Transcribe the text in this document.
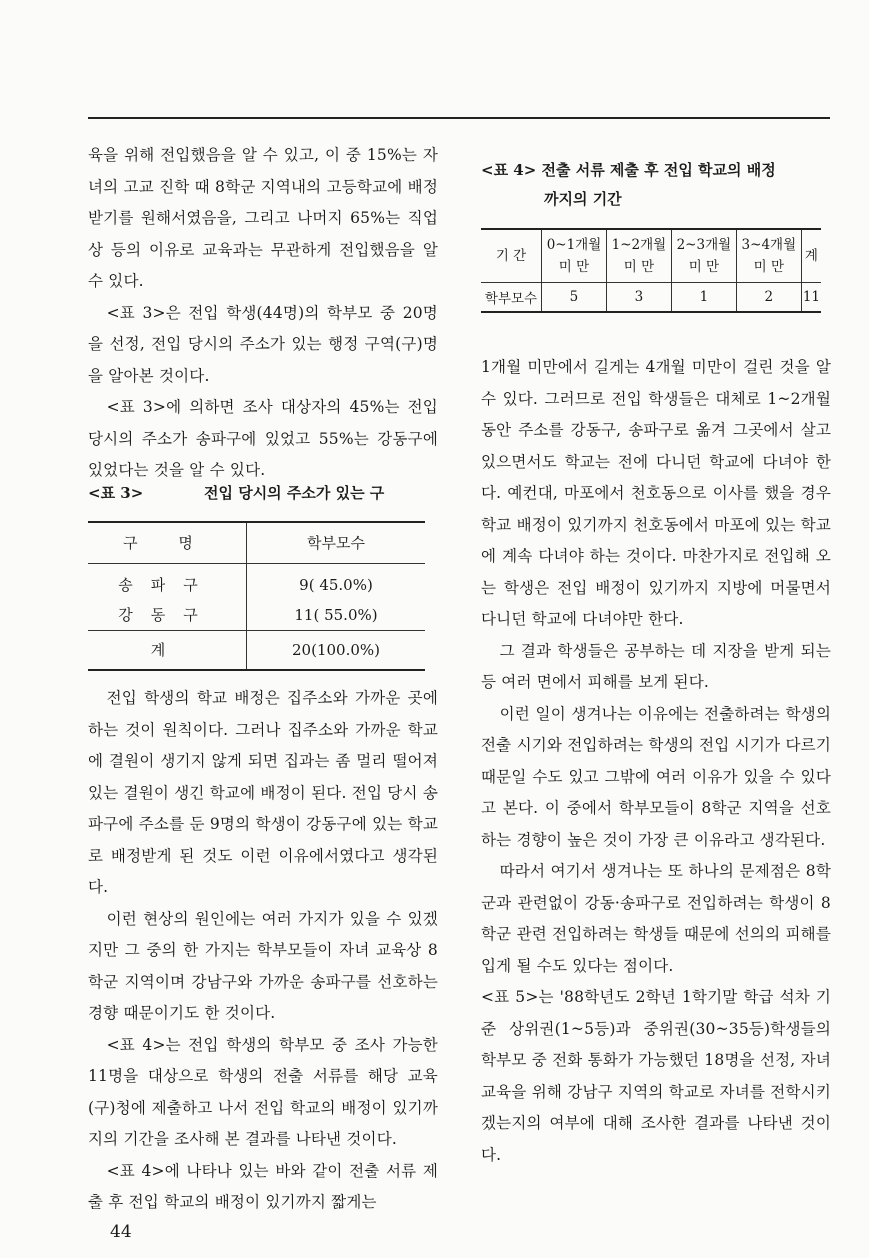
육을 위해 전입했음을 알 수 있고, 이 중 15%는 자녀의 고교 진학 때 8학군 지역내의 고등학교에 배정받기를 원해서였음을, 그리고 나머지 65%는 직업상 등의 이유로 교육과는 무관하게 전입했음을 알 수 있다.

<표 3>은 전입 학생(44명)의 학부모 중 20명을 선정, 전입 당시의 주소가 있는 행정 구역(구)명을 알아본 것이다.

<표 3>에 의하면 조사 대상자의 45%는 전입 당시의 주소가 송파구에 있었고 55%는 강동구에 있었다는 것을 알 수 있다.

<표 3>	전입 당시의 주소가 있는 구
구 명	학부모수
송파구	9( 45.0%)
강동구	11( 55.0%)
계	20(100.0%)

전입 학생의 학교 배정은 집주소와 가까운 곳에 하는 것이 원칙이다. 그러나 집주소와 가까운 학교에 결원이 생기지 않게 되면 집과는 좀 멀리 떨어져 있는 결원이 생긴 학교에 배정이 된다. 전입 당시 송파구에 주소를 둔 9명의 학생이 강동구에 있는 학교로 배정받게 된 것도 이런 이유에서였다고 생각된다.

이런 현상의 원인에는 여러 가지가 있을 수 있겠지만 그 중의 한 가지는 학부모들이 자녀 교육상 8학군 지역이며 강남구와 가까운 송파구를 선호하는 경향 때문이기도 한 것이다.

<표 4>는 전입 학생의 학부모 중 조사 가능한 11명을 대상으로 학생의 전출 서류를 해당 교육(구)청에 제출하고 나서 전입 학교의 배정이 있기까지의 기간을 조사해 본 결과를 나타낸 것이다.

<표 4>에 나타나 있는 바와 같이 전출 서류 제출 후 전입 학교의 배정이 있기까지 짧게는

<표 4> 전출 서류 제출 후 전입 학교의 배정
까지의 기간
기 간	0~1개월 미 만	1~2개월 미 만	2~3개월 미 만	3~4개월 미 만	계
학부모수	5	3	1	2	11

1개월 미만에서 길게는 4개월 미만이 걸린 것을 알 수 있다. 그러므로 전입 학생들은 대체로 1~2개월 동안 주소를 강동구, 송파구로 옮겨 그곳에서 살고 있으면서도 학교는 전에 다니던 학교에 다녀야 한다. 예컨대, 마포에서 천호동으로 이사를 했을 경우 학교 배정이 있기까지 천호동에서 마포에 있는 학교에 계속 다녀야 하는 것이다. 마찬가지로 전입해 오는 학생은 전입 배정이 있기까지 지방에 머물면서 다니던 학교에 다녀야만 한다.

그 결과 학생들은 공부하는 데 지장을 받게 되는 등 여러 면에서 피해를 보게 된다.

이런 일이 생겨나는 이유에는 전출하려는 학생의 전출 시기와 전입하려는 학생의 전입 시기가 다르기 때문일 수도 있고 그밖에 여러 이유가 있을 수 있다고 본다. 이 중에서 학부모들이 8학군 지역을 선호하는 경향이 높은 것이 가장 큰 이유라고 생각된다.

따라서 여기서 생겨나는 또 하나의 문제점은 8학군과 관련없이 강동·송파구로 전입하려는 학생이 8학군 관련 전입하려는 학생들 때문에 선의의 피해를 입게 될 수도 있다는 점이다.

<표 5>는 '88학년도 2학년 1학기말 학급 석차 기준 상위권(1~5등)과 중위권(30~35등)학생들의 학부모 중 전화 통화가 가능했던 18명을 선정, 자녀 교육을 위해 강남구 지역의 학교로 자녀를 전학시키겠는지의 여부에 대해 조사한 결과를 나타낸 것이다.

44
